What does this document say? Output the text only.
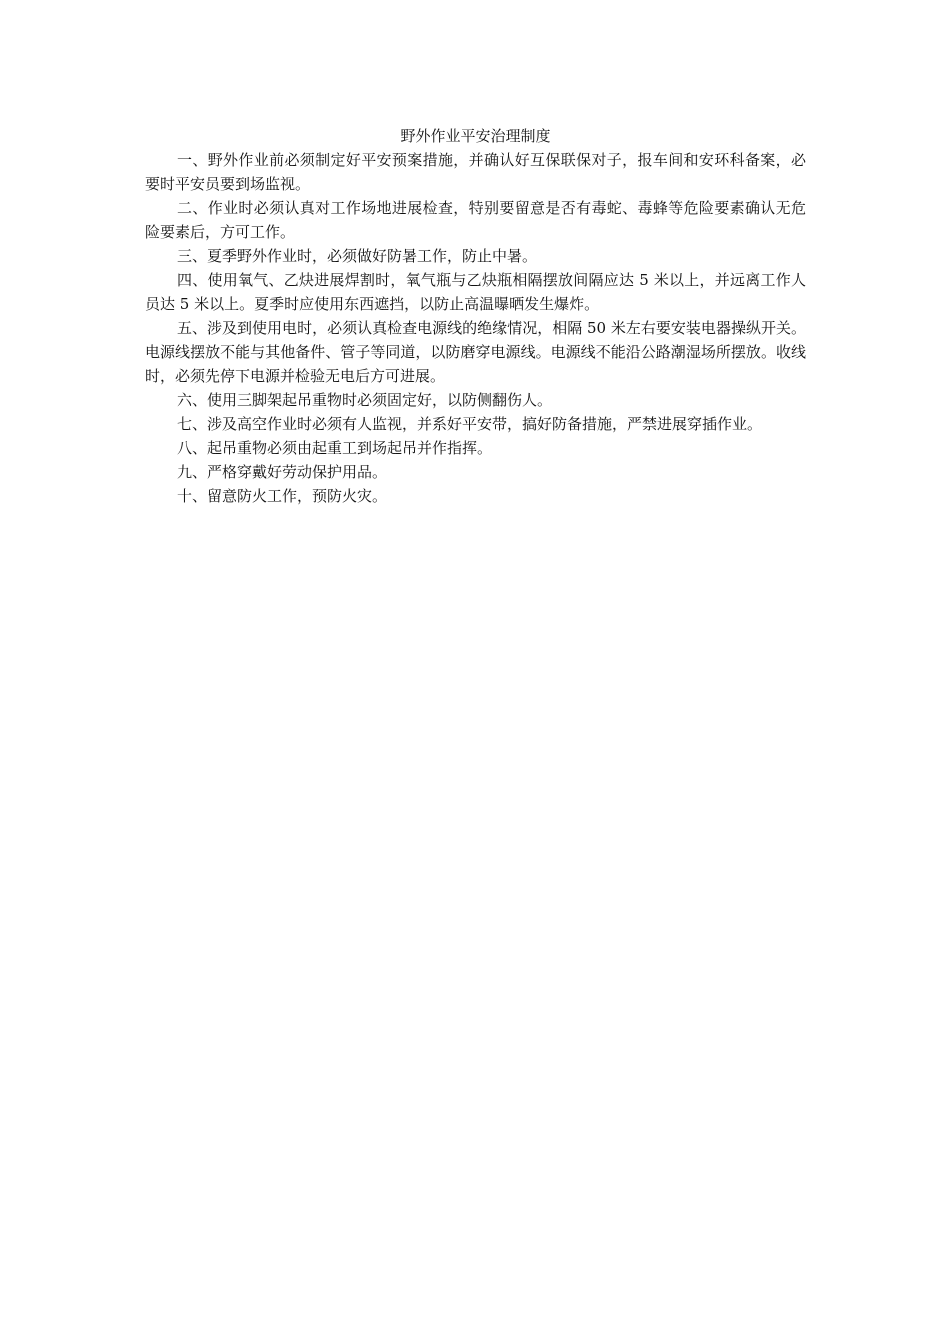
野外作业平安治理制度

一、野外作业前必须制定好平安预案措施，并确认好互保联保对子，报车间和安环科备案，必要时平安员要到场监视。

二、作业时必须认真对工作场地进展检查，特别要留意是否有毒蛇、毒蜂等危险要素确认无危险要素后，方可工作。

三、夏季野外作业时，必须做好防暑工作，防止中暑。

四、使用氧气、乙炔进展焊割时，氧气瓶与乙炔瓶相隔摆放间隔应达 5 米以上，并远离工作人员达 5 米以上。夏季时应使用东西遮挡，以防止高温曝晒发生爆炸。

五、涉及到使用电时，必须认真检查电源线的绝缘情况，相隔 50 米左右要安装电器操纵开关。电源线摆放不能与其他备件、管子等同道，以防磨穿电源线。电源线不能沿公路潮湿场所摆放。收线时，必须先停下电源并检验无电后方可进展。

六、使用三脚架起吊重物时必须固定好，以防侧翻伤人。

七、涉及高空作业时必须有人监视，并系好平安带，搞好防备措施，严禁进展穿插作业。

八、起吊重物必须由起重工到场起吊并作指挥。

九、严格穿戴好劳动保护用品。

十、留意防火工作，预防火灾。
